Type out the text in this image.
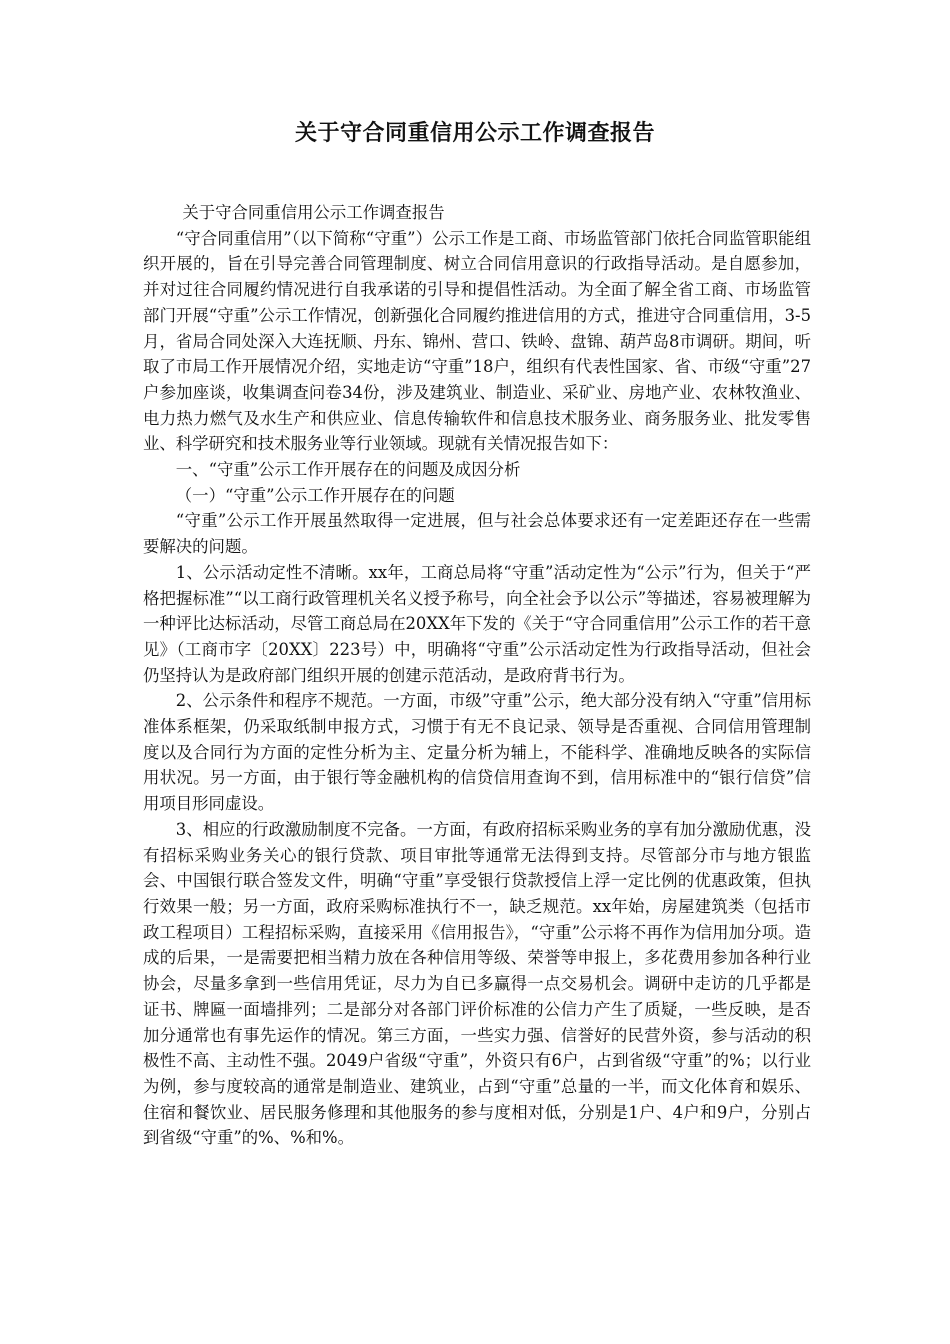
关于守合同重信用公示工作调查报告

关于守合同重信用公示工作调查报告

“守合同重信用”（以下简称“守重”）公示工作是工商、市场监管部门依托合同监管职能组织开展的，旨在引导完善合同管理制度、树立合同信用意识的行政指导活动。是自愿参加，并对过往合同履约情况进行自我承诺的引导和提倡性活动。为全面了解全省工商、市场监管部门开展“守重”公示工作情况，创新强化合同履约推进信用的方式，推进守合同重信用，3-5月，省局合同处深入大连抚顺、丹东、锦州、营口、铁岭、盘锦、葫芦岛8市调研。期间，听取了市局工作开展情况介绍，实地走访“守重”18户，组织有代表性国家、省、市级“守重”27户参加座谈，收集调查问卷34份，涉及建筑业、制造业、采矿业、房地产业、农林牧渔业、电力热力燃气及水生产和供应业、信息传输软件和信息技术服务业、商务服务业、批发零售业、科学研究和技术服务业等行业领域。现就有关情况报告如下：

一、“守重”公示工作开展存在的问题及成因分析

（一）“守重”公示工作开展存在的问题

“守重”公示工作开展虽然取得一定进展，但与社会总体要求还有一定差距还存在一些需要解决的问题。

1、公示活动定性不清晰。xx年，工商总局将“守重”活动定性为“公示”行为，但关于“严格把握标准”“以工商行政管理机关名义授予称号，向全社会予以公示”等描述，容易被理解为一种评比达标活动，尽管工商总局在20XX年下发的《关于“守合同重信用”公示工作的若干意见》（工商市字〔20XX〕223号）中，明确将“守重”公示活动定性为行政指导活动，但社会仍坚持认为是政府部门组织开展的创建示范活动，是政府背书行为。

2、公示条件和程序不规范。一方面，市级”守重”公示，绝大部分没有纳入“守重”信用标准体系框架，仍采取纸制申报方式，习惯于有无不良记录、领导是否重视、合同信用管理制度以及合同行为方面的定性分析为主、定量分析为辅上，不能科学、准确地反映各的实际信用状况。另一方面，由于银行等金融机构的信贷信用查询不到，信用标准中的“银行信贷”信用项目形同虚设。

3、相应的行政激励制度不完备。一方面，有政府招标采购业务的享有加分激励优惠，没有招标采购业务关心的银行贷款、项目审批等通常无法得到支持。尽管部分市与地方银监会、中国银行联合签发文件，明确“守重”享受银行贷款授信上浮一定比例的优惠政策，但执行效果一般；另一方面，政府采购标准执行不一，缺乏规范。xx年始，房屋建筑类（包括市政工程项目）工程招标采购，直接采用《信用报告》，“守重”公示将不再作为信用加分项。造成的后果，一是需要把相当精力放在各种信用等级、荣誉等申报上，多花费用参加各种行业协会，尽量多拿到一些信用凭证，尽力为自已多赢得一点交易机会。调研中走访的几乎都是证书、牌匾一面墙排列；二是部分对各部门评价标准的公信力产生了质疑，一些反映，是否加分通常也有事先运作的情况。第三方面，一些实力强、信誉好的民营外资，参与活动的积极性不高、主动性不强。2049户省级“守重”，外资只有6户，占到省级“守重”的%；以行业为例，参与度较高的通常是制造业、建筑业，占到“守重”总量的一半，而文化体育和娱乐、住宿和餐饮业、居民服务修理和其他服务的参与度相对低，分别是1户、4户和9户，分别占到省级“守重”的%、%和%。
